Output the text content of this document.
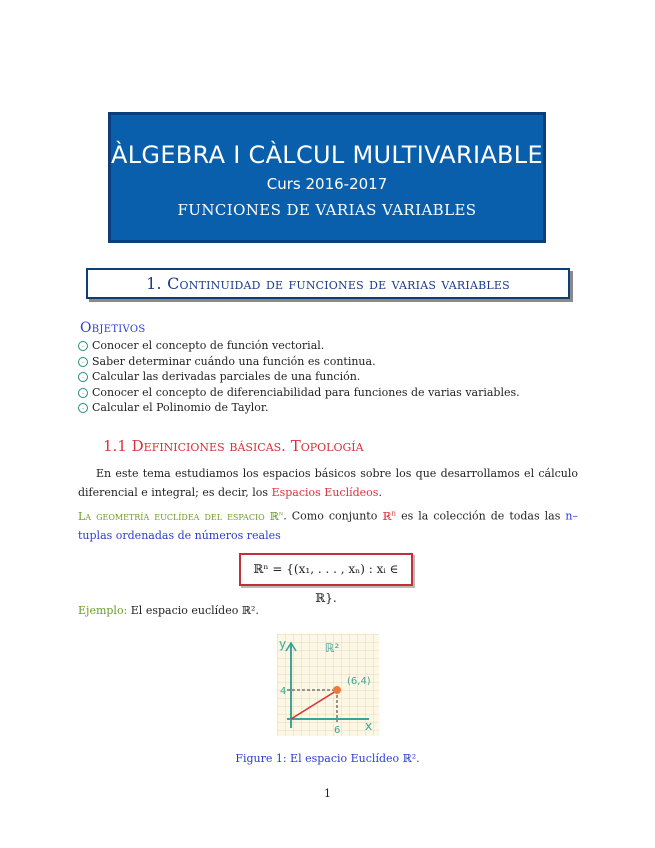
ÀLGEBRA I CÀLCUL MULTIVARIABLE
Curs 2016-2017
FUNCIONES DE VARIAS VARIABLES
1. Continuidad de funciones de varias variables
Objetivos
· Conocer el concepto de función vectorial.
· Saber determinar cuándo una función es continua.
· Calcular las derivadas parciales de una función.
· Conocer el concepto de diferenciabilidad para funciones de varias variables.
· Calcular el Polinomio de Taylor.
1.1 Definiciones básicas. Topología
En este tema estudiamos los espacios básicos sobre los que desarrollamos el cálculo diferencial e integral; es decir, los Espacios Euclídeos.
La geometría euclídea del espacio ℝ$^n$. Como conjunto ℝ$^n$ es la colección de todas las n–tuplas ordenadas de números reales
ℝⁿ = {(x₁, . . . , xₙ) : xᵢ ∈ ℝ}.
Ejemplo: El espacio euclídeo ℝ².
y
x
ℝ²
(6,4)
4
6
Figure 1: El espacio Euclídeo ℝ².
1
